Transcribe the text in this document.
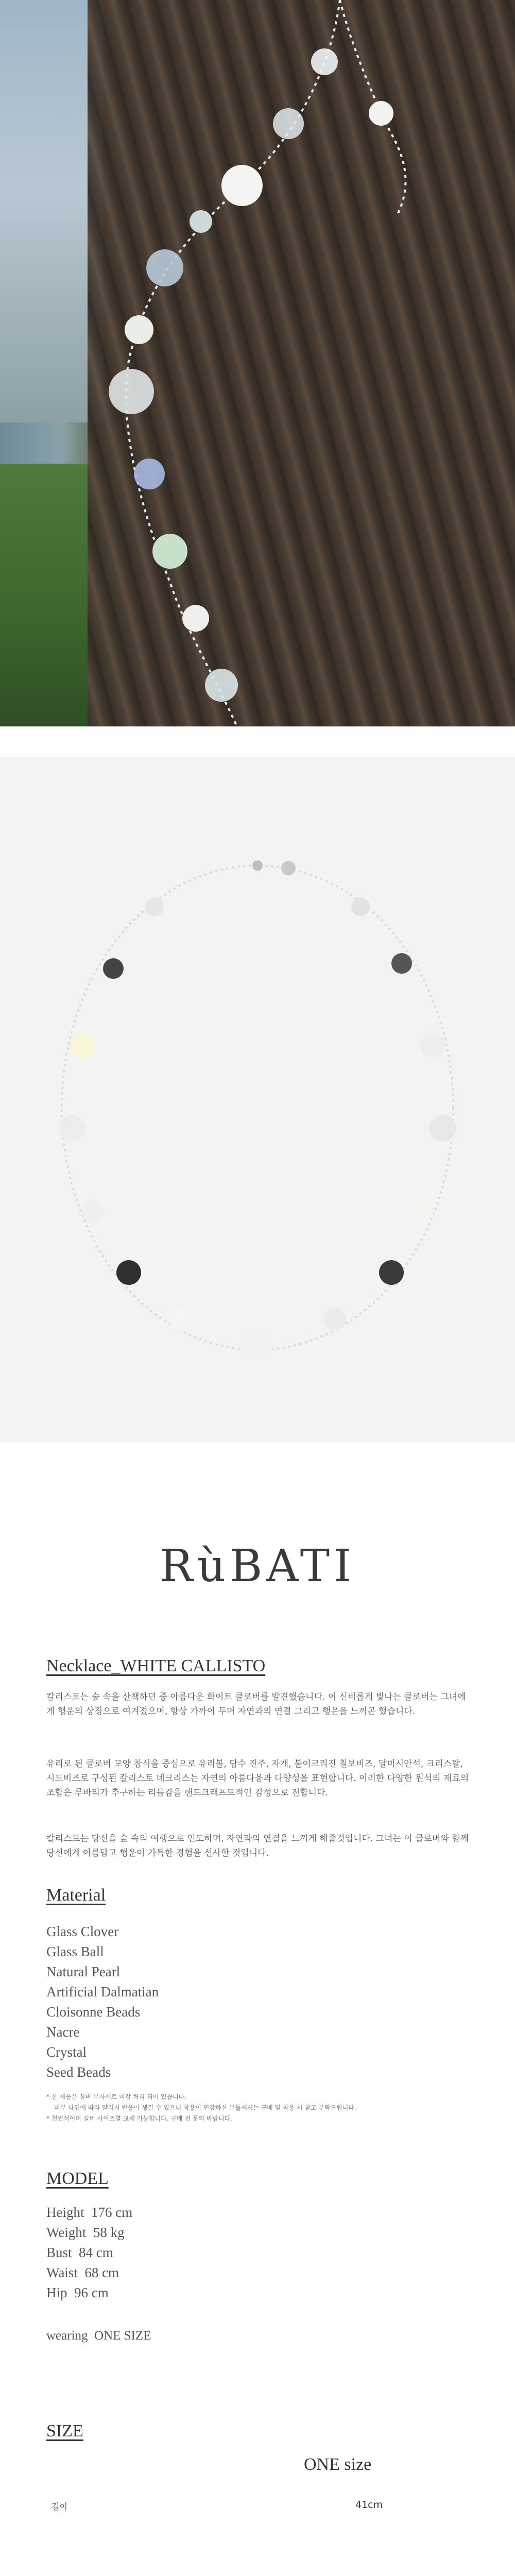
RùBATI
Necklace_WHITE CALLISTO
칼리스토는 숲 속을 산책하던 중 아름다운 화이트 클로버를 발견했습니다. 이 신비롭게 빛나는 클로버는 그녀에게 행운의 상징으로 여겨졌으며, 항상 가까이 두며 자연과의 연결 그리고 행운을 느끼곤 했습니다.
유리로 된 클로버 모양 참식을 중심으로 유리볼, 담수 진주, 자개, 불이크리진 칠보비즈, 달미시안석, 크리스탈, 시드비즈로 구성된 칼리스토 네크리스는 자연의 아름다움과 다양성을 표현합니다. 이러한 다양한 원석의 재료의 조합은 루바티가 추구하는 리듬감을 핸드크래프트적인 감성으로 전합니다.
칼리스토는 당신을 숲 속의 여행으로 인도하며, 자연과의 연결을 느끼게 해줄것입니다. 그녀는 이 클로버와 함께 당신에게 아름답고 행운이 가득한 경험을 선사할 것입니다.
Material
Glass Clover
Glass Ball
Natural Pearl
Artificial Dalmatian
Cloisonne Beads
Nacre
Crystal
Seed Beads
* 본 제품은 실버 부자재로 미감 처리 되어 있습니다.
피부 타입에 따라 알러지 반응이 생길 수 있으니 착용이 민감하신 분들께서는 구매 및 착용 시 참고 부탁드립니다.
* 천연석이며 실버 사이즈별 교체 가능합니다. 구매 전 문의 바랍니다.
MODEL
Height 176 cm
Weight 58 kg
Bust 84 cm
Waist 68 cm
Hip 96 cm
wearing  ONE SIZE
SIZE
ONE size
길이	41cm
